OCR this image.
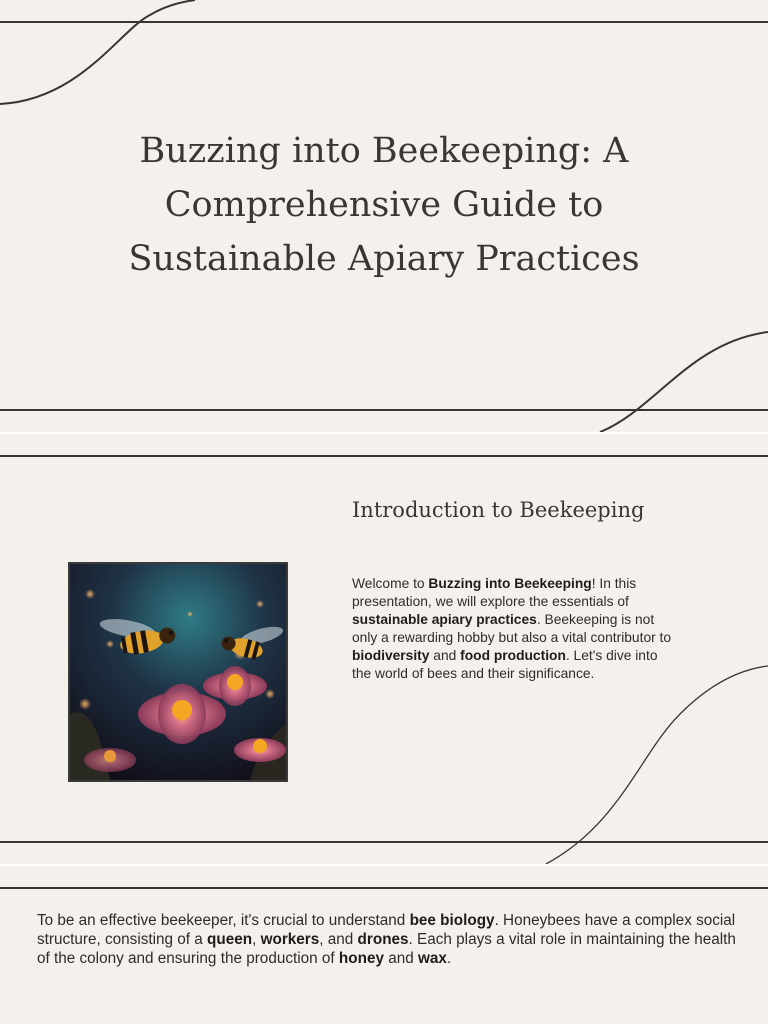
Buzzing into Beekeeping: A Comprehensive Guide to Sustainable Apiary Practices
Introduction to Beekeeping

Welcome to Buzzing into Beekeeping! In this presentation, we will explore the essentials of sustainable apiary practices. Beekeeping is not only a rewarding hobby but also a vital contributor to biodiversity and food production. Let's dive into the world of bees and their significance.

To be an effective beekeeper, it's crucial to understand bee biology. Honeybees have a complex social structure, consisting of a queen, workers, and drones. Each plays a vital role in maintaining the health of the colony and ensuring the production of honey and wax.
